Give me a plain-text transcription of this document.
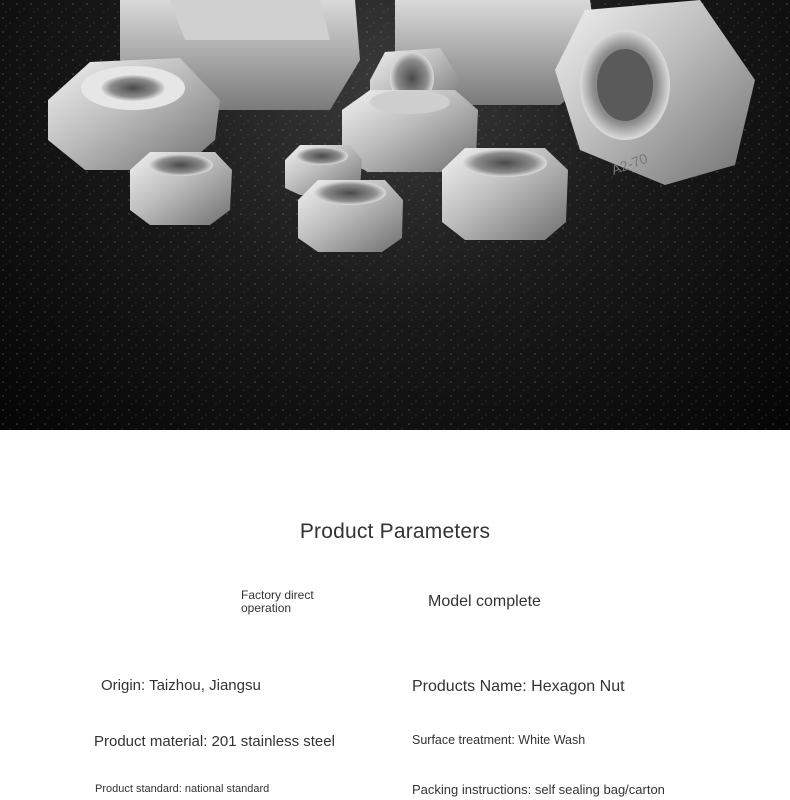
A2-70
Product Parameters
Factory direct operation	Model complete
Origin: Taizhou, Jiangsu	Products Name: Hexagon Nut
Product material: 201 stainless steel	Surface treatment: White Wash
Product standard: national standard	Packing instructions: self sealing bag/carton
